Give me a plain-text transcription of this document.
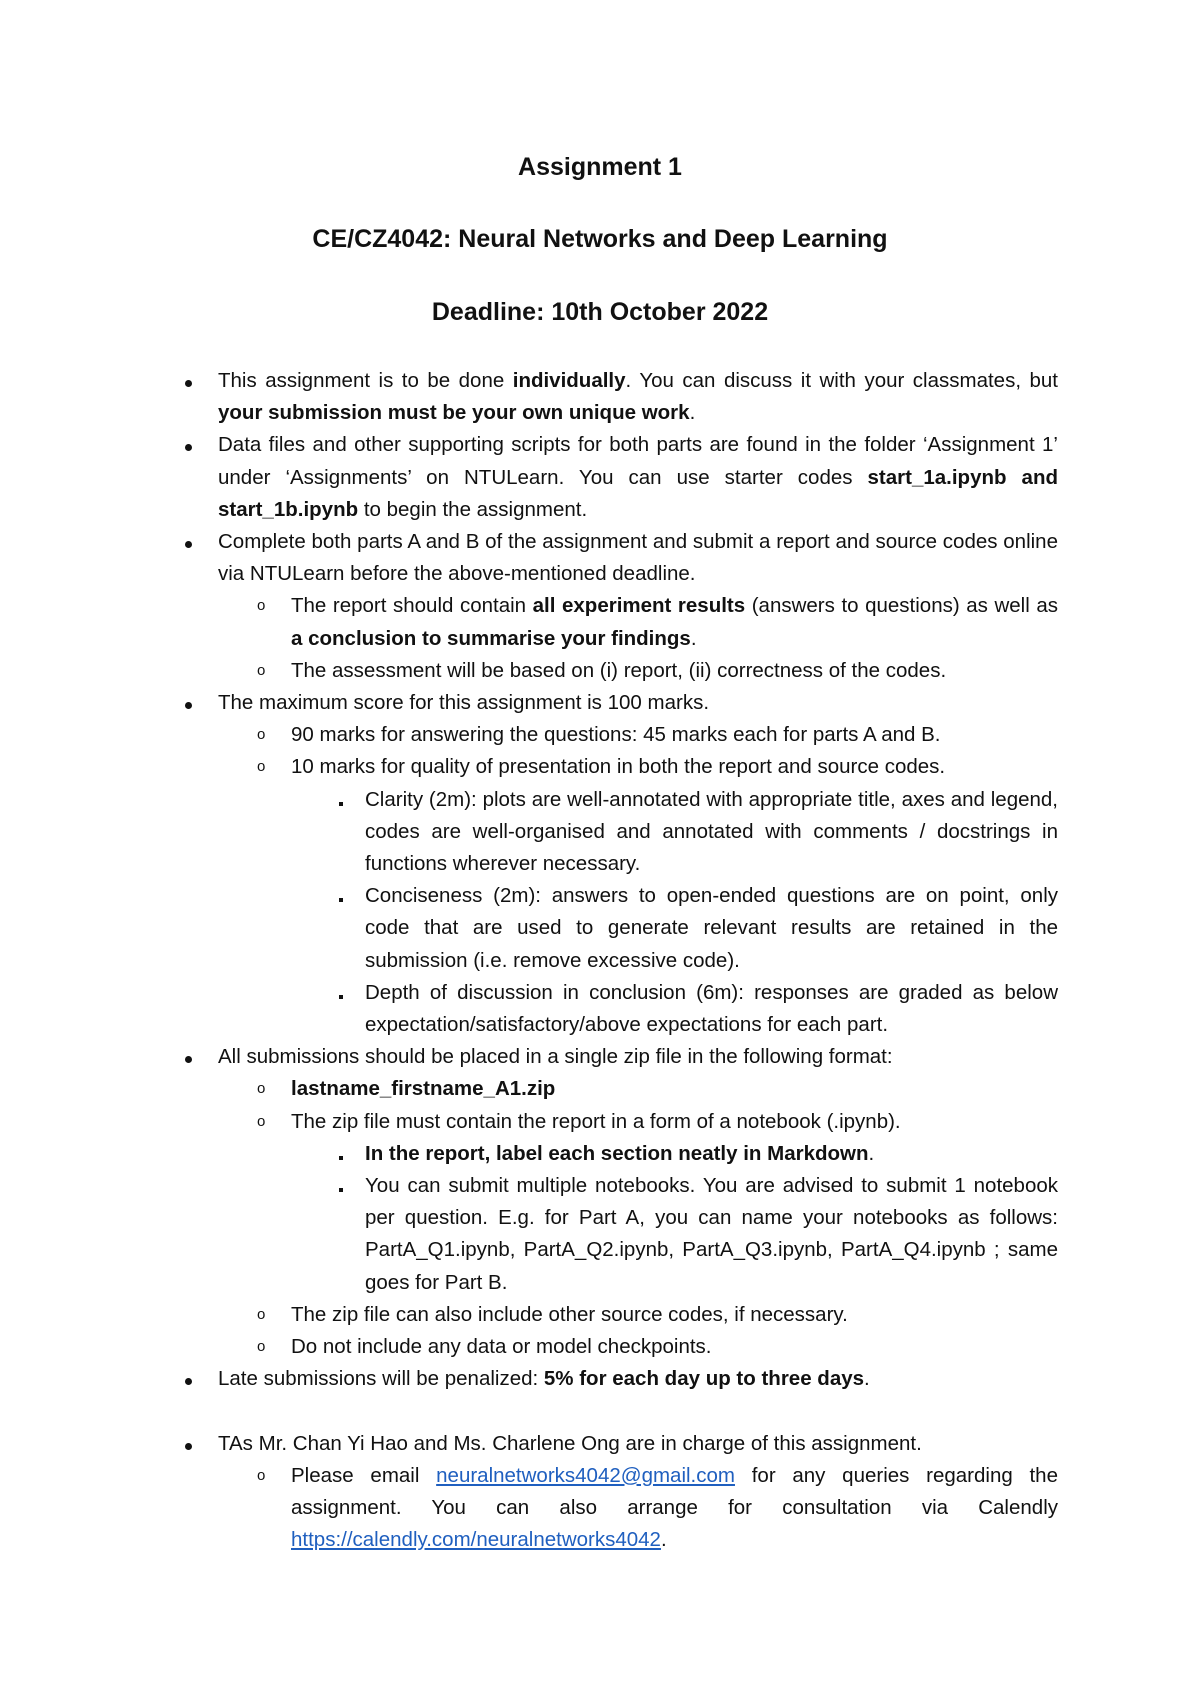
Assignment 1
CE/CZ4042: Neural Networks and Deep Learning
Deadline: 10th October 2022
This assignment is to be done individually. You can discuss it with your classmates, but your submission must be your own unique work.
Data files and other supporting scripts for both parts are found in the folder ‘Assignment 1’ under ‘Assignments’ on NTULearn. You can use starter codes start_1a.ipynb and start_1b.ipynb to begin the assignment.
Complete both parts A and B of the assignment and submit a report and source codes online via NTULearn before the above-mentioned deadline.
o The report should contain all experiment results (answers to questions) as well as a conclusion to summarise your findings.
o The assessment will be based on (i) report, (ii) correctness of the codes.
The maximum score for this assignment is 100 marks.
o 90 marks for answering the questions: 45 marks each for parts A and B.
o 10 marks for quality of presentation in both the report and source codes.
Clarity (2m): plots are well-annotated with appropriate title, axes and legend, codes are well-organised and annotated with comments / docstrings in functions wherever necessary.
Conciseness (2m): answers to open-ended questions are on point, only code that are used to generate relevant results are retained in the submission (i.e. remove excessive code).
Depth of discussion in conclusion (6m): responses are graded as below expectation/satisfactory/above expectations for each part.
All submissions should be placed in a single zip file in the following format:
o lastname_firstname_A1.zip
o The zip file must contain the report in a form of a notebook (.ipynb).
In the report, label each section neatly in Markdown.
You can submit multiple notebooks. You are advised to submit 1 notebook per question. E.g. for Part A, you can name your notebooks as follows: PartA_Q1.ipynb, PartA_Q2.ipynb, PartA_Q3.ipynb, PartA_Q4.ipynb ; same goes for Part B.
o The zip file can also include other source codes, if necessary.
o Do not include any data or model checkpoints.
Late submissions will be penalized: 5% for each day up to three days.
TAs Mr. Chan Yi Hao and Ms. Charlene Ong are in charge of this assignment.
o Please email neuralnetworks4042@gmail.com for any queries regarding the assignment. You can also arrange for consultation via Calendly https://calendly.com/neuralnetworks4042.
